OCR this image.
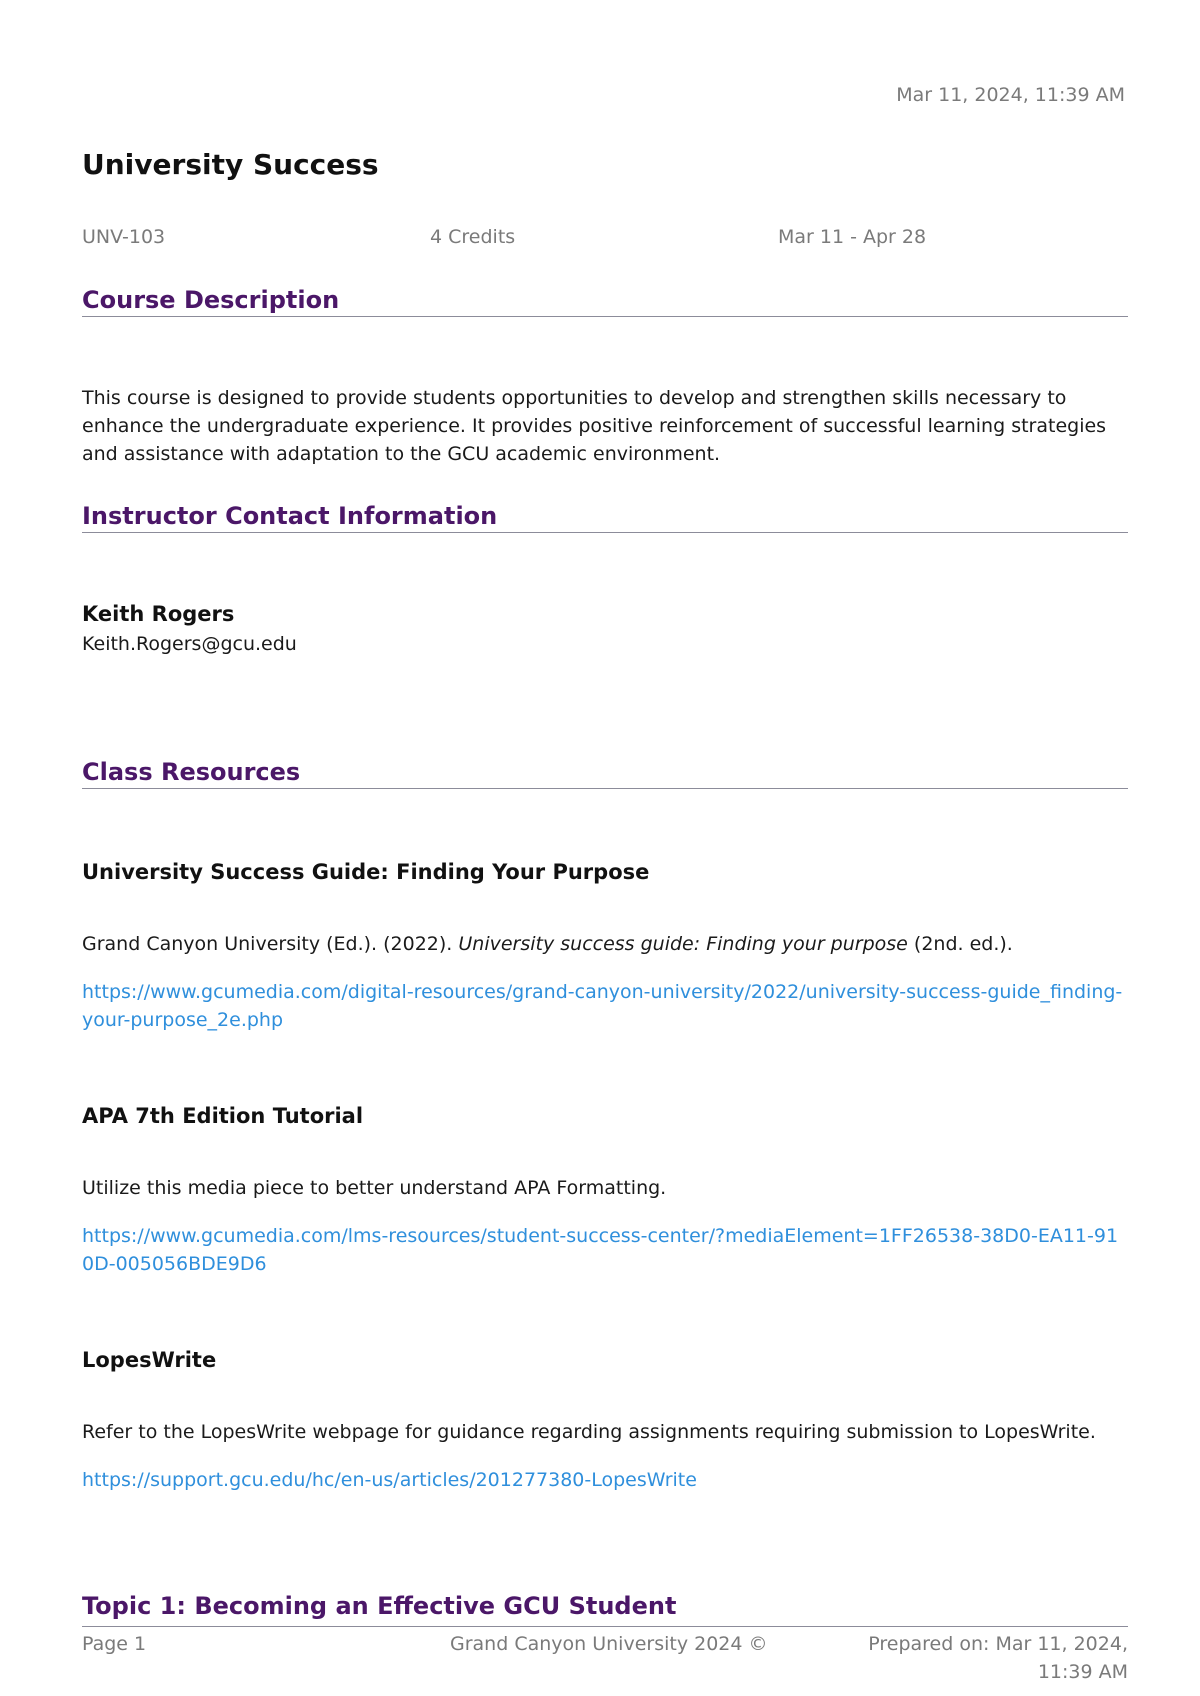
Mar 11, 2024, 11:39 AM
University Success
UNV-103	4 Credits	Mar 11 - Apr 28
Course Description

This course is designed to provide students opportunities to develop and strengthen skills necessary to enhance the undergraduate experience. It provides positive reinforcement of successful learning strategies and assistance with adaptation to the GCU academic environment.

Instructor Contact Information
Keith Rogers
Keith.Rogers@gcu.edu
Class Resources
University Success Guide: Finding Your Purpose
Grand Canyon University (Ed.). (2022). University success guide: Finding your purpose (2nd. ed.).
https://www.gcumedia.com/digital-resources/grand-canyon-university/2022/university-success-guide_finding-your-purpose_2e.php
APA 7th Edition Tutorial
Utilize this media piece to better understand APA Formatting.
https://www.gcumedia.com/lms-resources/student-success-center/?mediaElement=1FF26538-38D0-EA11-910D-005056BDE9D6
LopesWrite
Refer to the LopesWrite webpage for guidance regarding assignments requiring submission to LopesWrite.
https://support.gcu.edu/hc/en-us/articles/201277380-LopesWrite
Topic 1: Becoming an Effective GCU Student
Page 1	Grand Canyon University 2024 ©	Prepared on: Mar 11, 2024, 11:39 AM
